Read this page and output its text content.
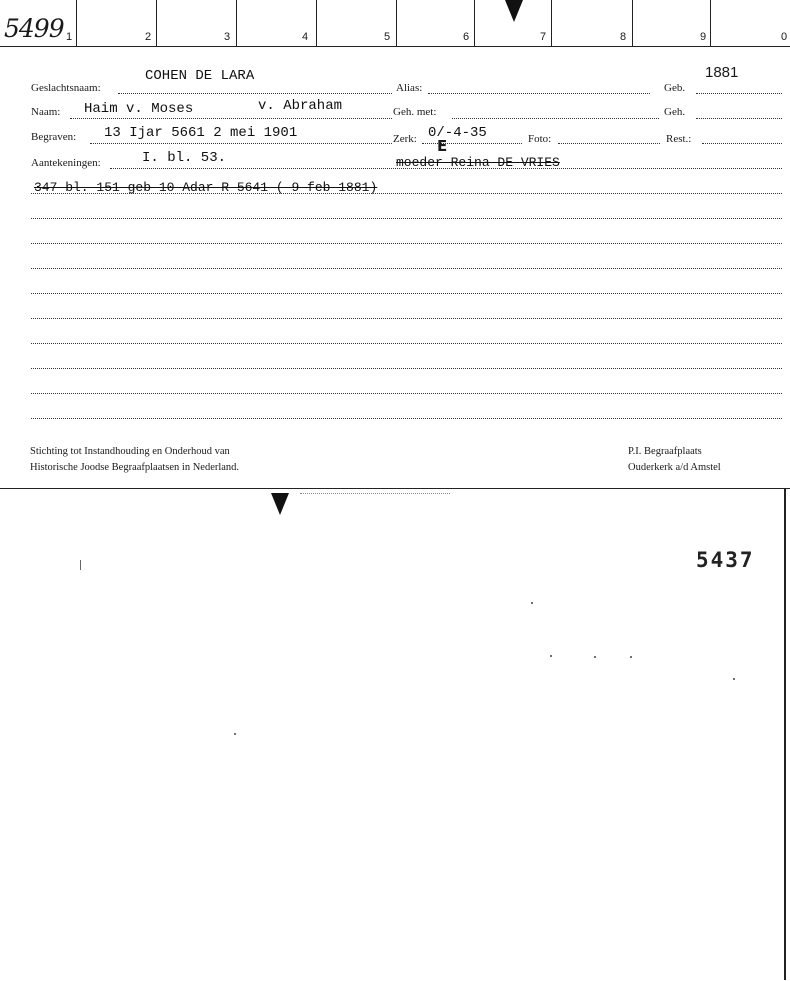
1	2	3	4	5	6	7	8	9	0
5499
Geslachtsnaam:
COHEN DE LARA
Alias:	Geb.
1881
Naam: Haim v. Moses	v. Abraham	Geh. met:	Geh.
Begraven: 13 Ijar 5661 2 mei 1901	Zerk: 0/-4-35	Foto:	Rest.:
Aantekeningen:	I. bl. 53.	moeder Reina DE VRIES
E
347 bl. 151 geb 10 Adar R 5641 ( 9 feb 1881)
Stichting tot Instandhouding en Onderhoud van
Historische Joodse Begraafplaatsen in Nederland.
P.I. Begraafplaats
Ouderkerk a/d Amstel
5437
